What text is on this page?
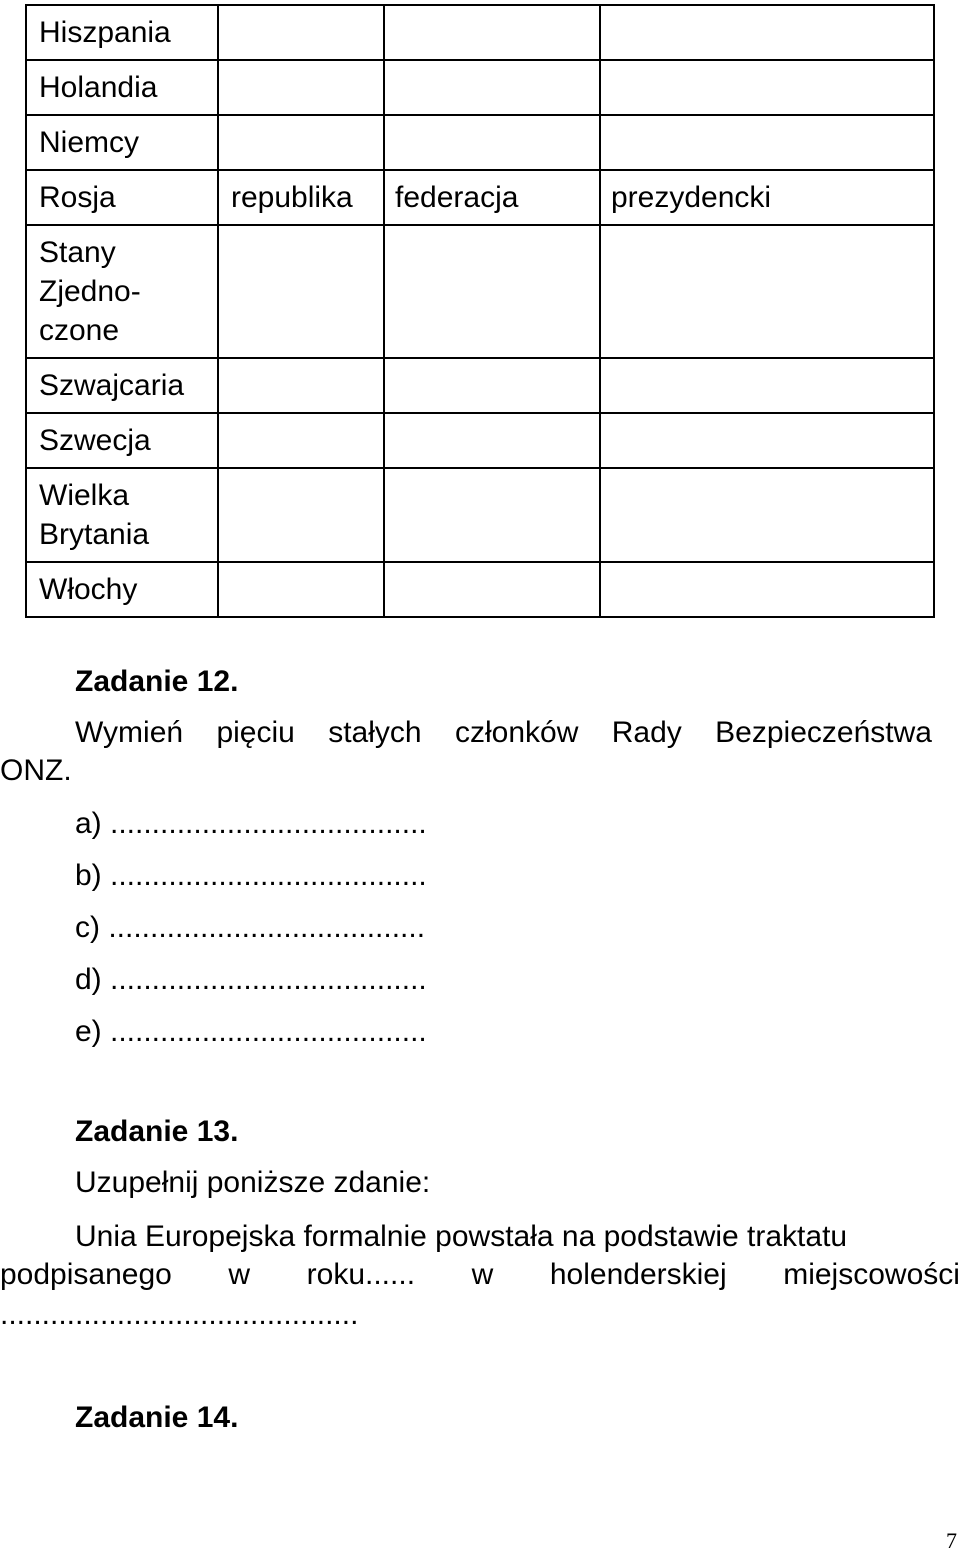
Hiszpania			

Holandia			

Niemcy			

Rosja	republika	federacja	prezydencki

Stany
Zjedno-
czone			

Szwajcaria			

Szwecja			

Wielka
Brytania			

Włochy			

Zadanie 12.
Wymień pięciu stałych członków Rady Bezpieczeństwa
ONZ.
a) ......................................
b) ......................................
c) ......................................
d) ......................................
e) ......................................
Zadanie 13.
Uzupełnij poniższe zdanie:
Unia Europejska formalnie powstała na podstawie traktatu
podpisanego w roku...... w holenderskiej miejscowości
...........................................
Zadanie 14.
7
